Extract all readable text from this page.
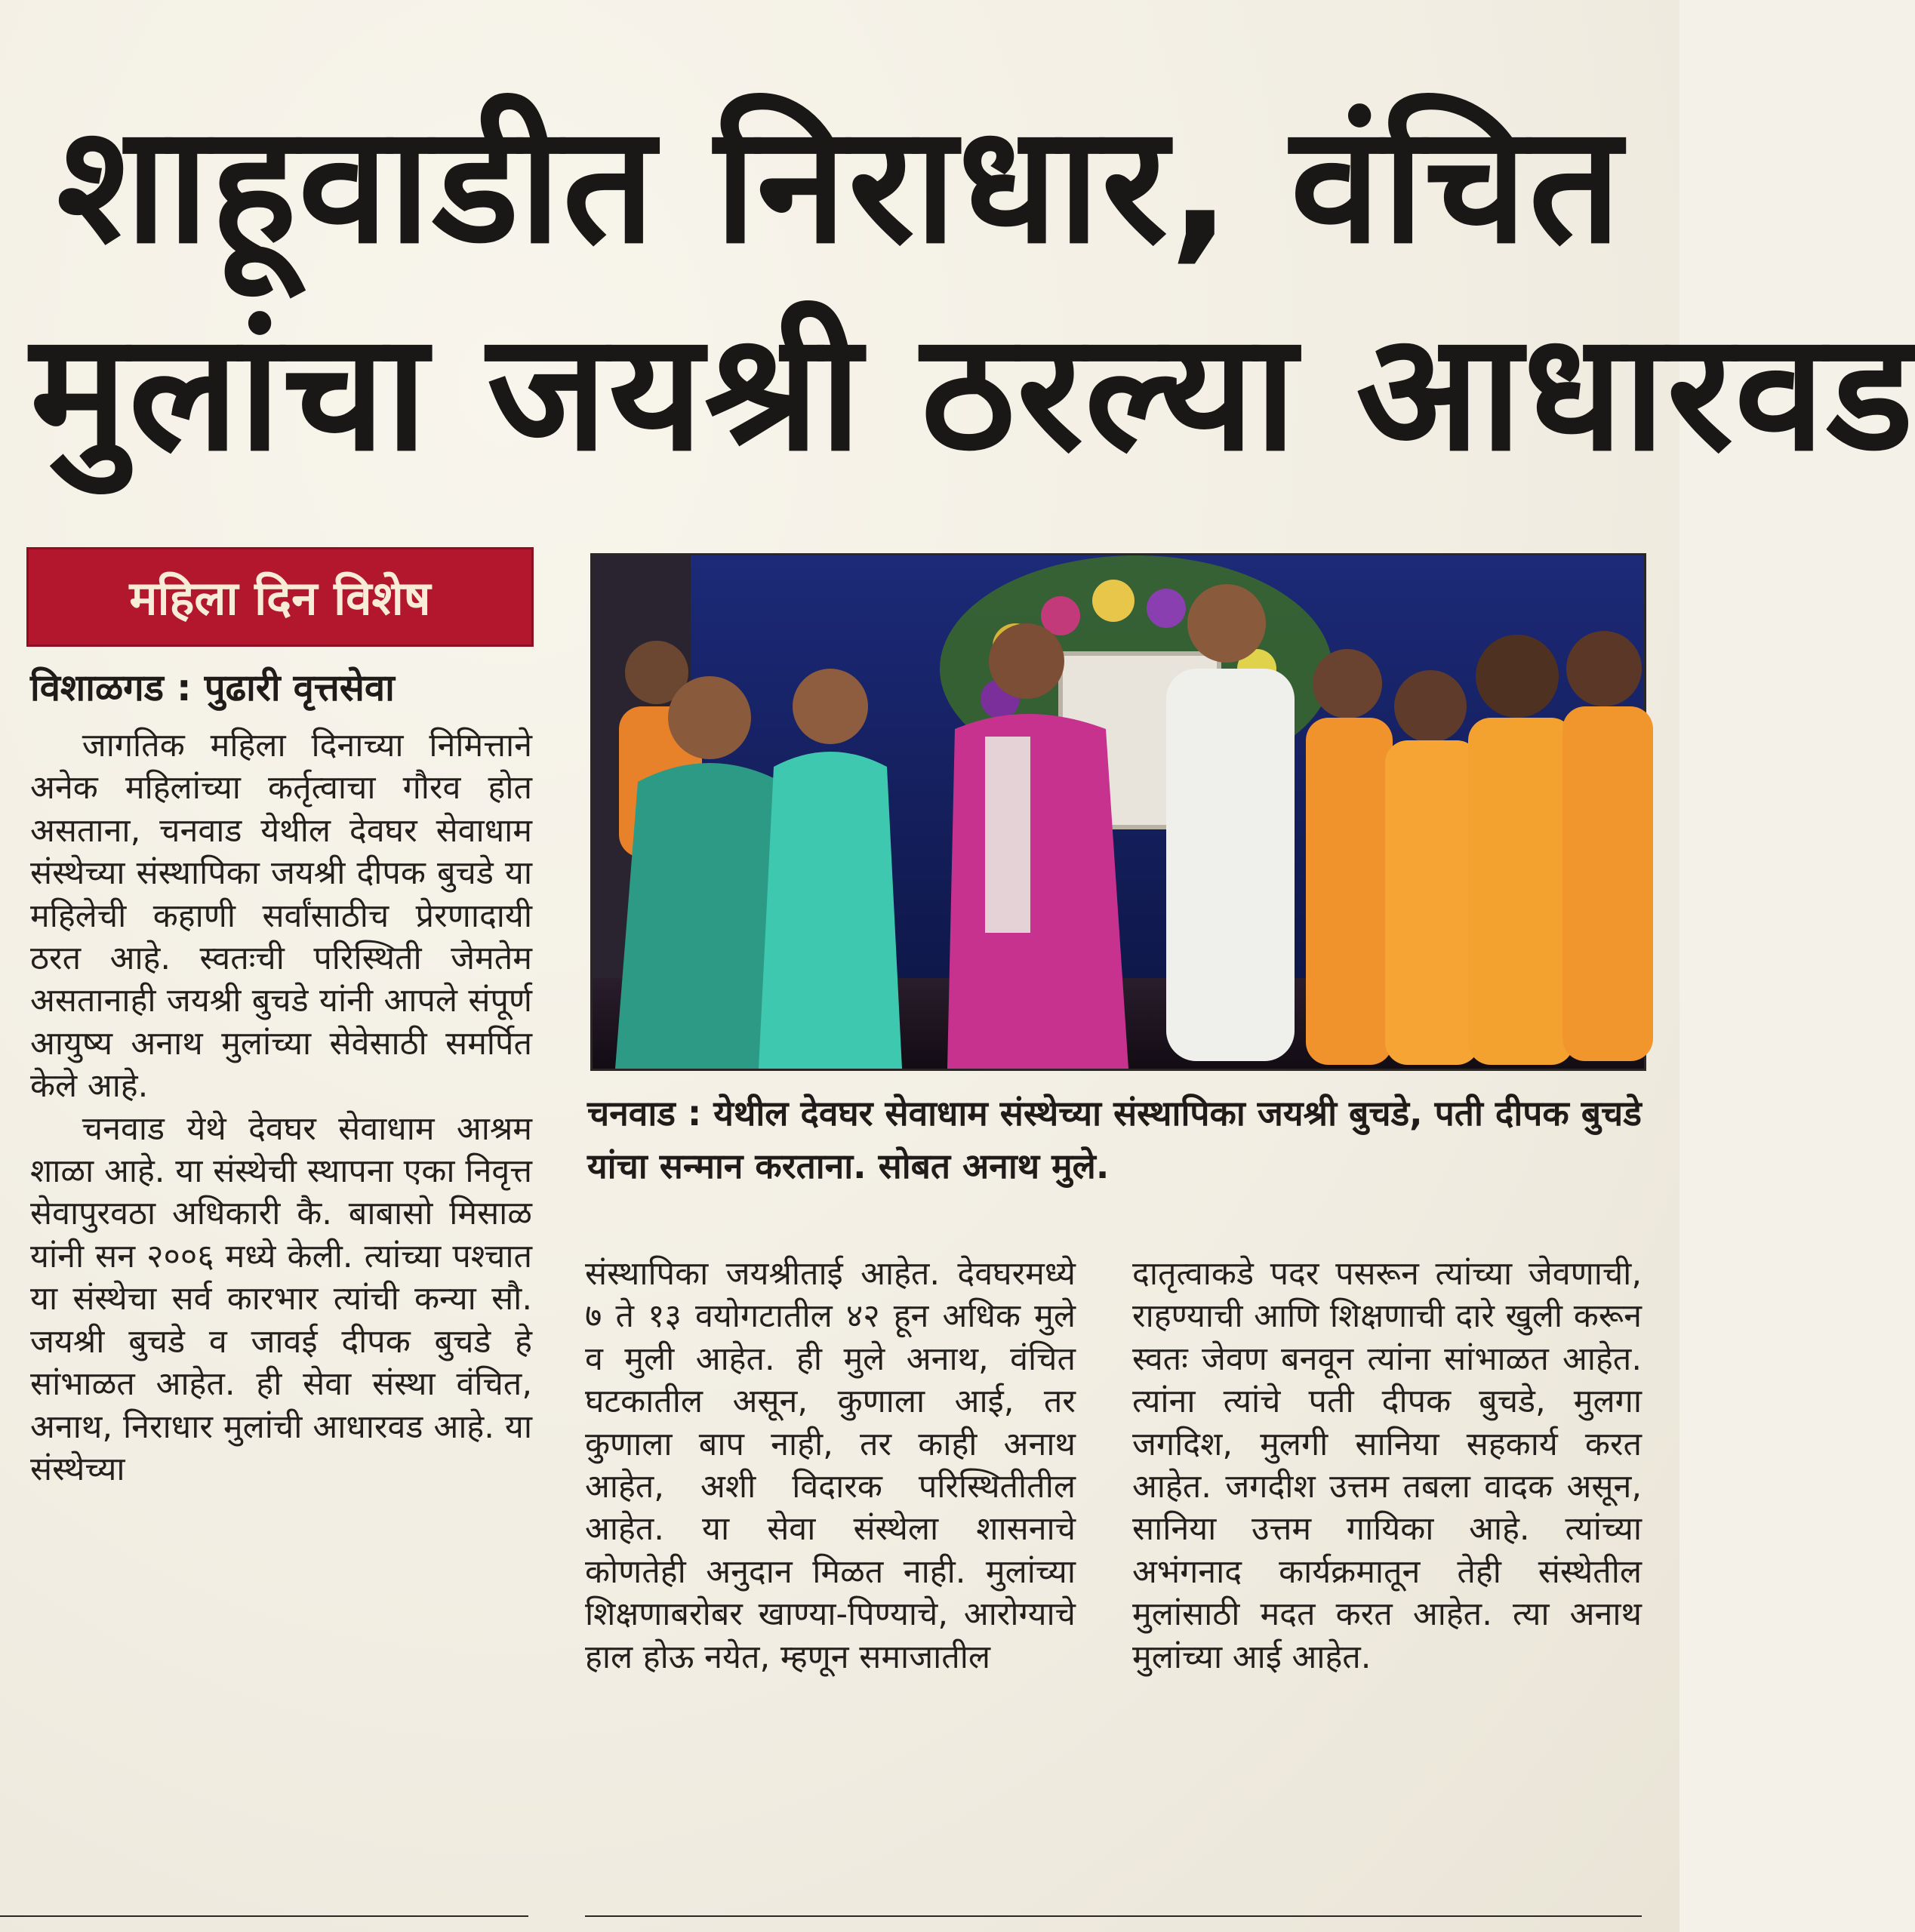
शाहूवाडीत निराधार, वंचित
मुलांचा जयश्री ठरल्या आधारवड
महिला दिन विशेष
विशाळगड : पुढारी वृत्तसेवा

जागतिक महिला दिनाच्या निमित्ताने अनेक महिलांच्या कर्तृत्वाचा गौरव होत असताना, चनवाड येथील देवघर सेवाधाम संस्थेच्या संस्थापिका जयश्री दीपक बुचडे या महिलेची कहाणी सर्वांसाठीच प्रेरणादायी ठरत आहे. स्वतःची परिस्थिती जेमतेम असतानाही जयश्री बुचडे यांनी आपले संपूर्ण आयुष्य अनाथ मुलांच्या सेवेसाठी समर्पित केले आहे.

चनवाड येथे देवघर सेवाधाम आश्रम शाळा आहे. या संस्थेची स्थापना एका निवृत्त सेवापुरवठा अधिकारी कै. बाबासो मिसाळ यांनी सन २००६ मध्ये केली. त्यांच्या पश्चात या संस्थेचा सर्व कारभार त्यांची कन्या सौ. जयश्री बुचडे व जावई दीपक बुचडे हे सांभाळत आहेत. ही सेवा संस्था वंचित, अनाथ, निराधार मुलांची आधारवड आहे. या संस्थेच्या

चनवाड : येथील देवघर सेवाधाम संस्थेच्या संस्थापिका जयश्री बुचडे, पती दीपक बुचडे यांचा सन्मान करताना. सोबत अनाथ मुले.

संस्थापिका जयश्रीताई आहेत. देवघरमध्ये ७ ते १३ वयोगटातील ४२ हून अधिक मुले व मुली आहेत. ही मुले अनाथ, वंचित घटकातील असून, कुणाला आई, तर कुणाला बाप नाही, तर काही अनाथ आहेत, अशी विदारक परिस्थितीतील आहेत. या सेवा संस्थेला शासनाचे कोणतेही अनुदान मिळत नाही. मुलांच्या शिक्षणाबरोबर खाण्या-पिण्याचे, आरोग्याचे हाल होऊ नयेत, म्हणून समाजातील

दातृत्वाकडे पदर पसरून त्यांच्या जेवणाची, राहण्याची आणि शिक्षणाची दारे खुली करून स्वतः जेवण बनवून त्यांना सांभाळत आहेत. त्यांना त्यांचे पती दीपक बुचडे, मुलगा जगदिश, मुलगी सानिया सहकार्य करत आहेत. जगदीश उत्तम तबला वादक असून, सानिया उत्तम गायिका आहे. त्यांच्या अभंगनाद कार्यक्रमातून तेही संस्थेतील मुलांसाठी मदत करत आहेत. त्या अनाथ मुलांच्या आई आहेत.
